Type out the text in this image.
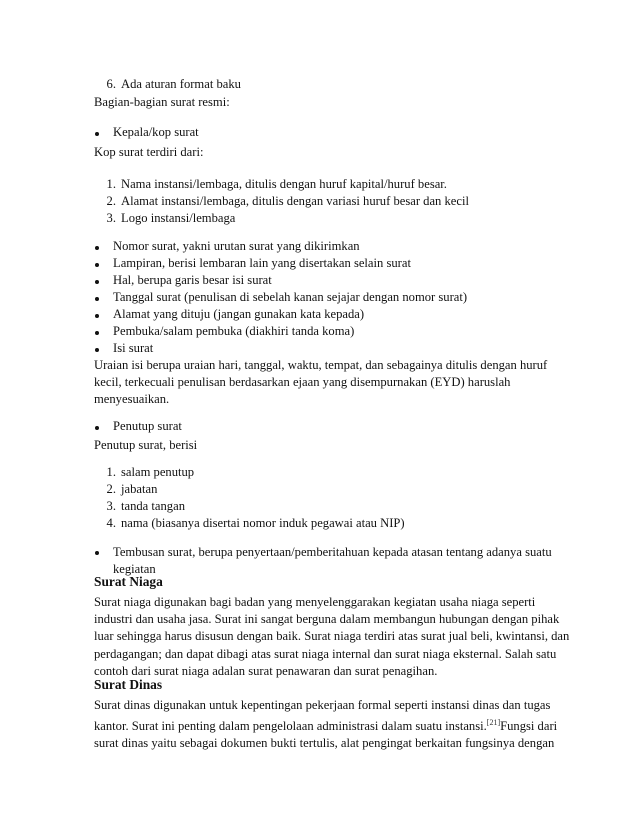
6. Ada aturan format baku
Bagian-bagian surat resmi:
Kepala/kop surat
Kop surat terdiri dari:
1. Nama instansi/lembaga, ditulis dengan huruf kapital/huruf besar.
2. Alamat instansi/lembaga, ditulis dengan variasi huruf besar dan kecil
3. Logo instansi/lembaga
Nomor surat, yakni urutan surat yang dikirimkan
Lampiran, berisi lembaran lain yang disertakan selain surat
Hal, berupa garis besar isi surat
Tanggal surat (penulisan di sebelah kanan sejajar dengan nomor surat)
Alamat yang dituju (jangan gunakan kata kepada)
Pembuka/salam pembuka (diakhiri tanda koma)
Isi surat

Uraian isi berupa uraian hari, tanggal, waktu, tempat, dan sebagainya ditulis dengan huruf kecil, terkecuali penulisan berdasarkan ejaan yang disempurnakan (EYD) haruslah menyesuaikan.

Penutup surat
Penutup surat, berisi
1. salam penutup
2. jabatan
3. tanda tangan
4. nama (biasanya disertai nomor induk pegawai atau NIP)
Tembusan surat, berupa penyertaan/pemberitahuan kepada atasan tentang adanya suatu kegiatan
Surat Niaga

Surat niaga digunakan bagi badan yang menyelenggarakan kegiatan usaha niaga seperti industri dan usaha jasa. Surat ini sangat berguna dalam membangun hubungan dengan pihak luar sehingga harus disusun dengan baik. Surat niaga terdiri atas surat jual beli, kwintansi, dan perdagangan; dan dapat dibagi atas surat niaga internal dan surat niaga eksternal. Salah satu contoh dari surat niaga adalan surat penawaran dan surat penagihan.

Surat Dinas

Surat dinas digunakan untuk kepentingan pekerjaan formal seperti instansi dinas dan tugas kantor. Surat ini penting dalam pengelolaan administrasi dalam suatu instansi.[21]Fungsi dari surat dinas yaitu sebagai dokumen bukti tertulis, alat pengingat berkaitan fungsinya dengan
